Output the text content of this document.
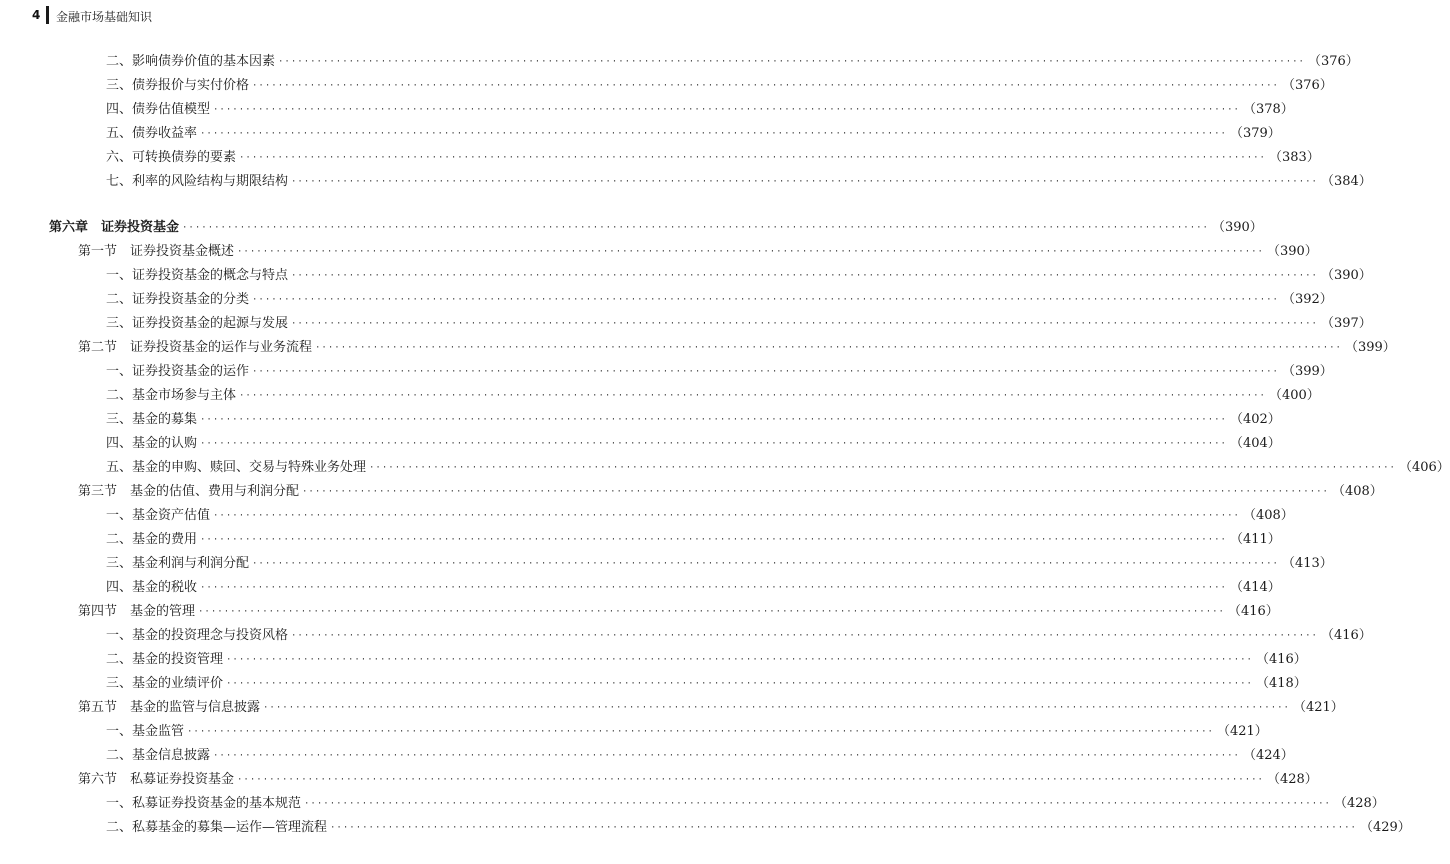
4 金融市场基础知识
二、影响债券价值的基本因素 ································································································································································ （376）
三、债券报价与实付价格 ································································································································································ （376）
四、债券估值模型 ································································································································································ （378）
五、债券收益率 ································································································································································ （379）
六、可转换债券的要素 ································································································································································ （383）
七、利率的风险结构与期限结构 ································································································································································ （384）
第六章　证券投资基金 ································································································································································ （390）
第一节　证券投资基金概述 ································································································································································ （390）
一、证券投资基金的概念与特点 ································································································································································ （390）
二、证券投资基金的分类 ································································································································································ （392）
三、证券投资基金的起源与发展 ································································································································································ （397）
第二节　证券投资基金的运作与业务流程 ································································································································································ （399）
一、证券投资基金的运作 ································································································································································ （399）
二、基金市场参与主体 ································································································································································ （400）
三、基金的募集 ································································································································································ （402）
四、基金的认购 ································································································································································ （404）
五、基金的申购、赎回、交易与特殊业务处理 ································································································································································ （406）
第三节　基金的估值、费用与利润分配 ································································································································································ （408）
一、基金资产估值 ································································································································································ （408）
二、基金的费用 ································································································································································ （411）
三、基金利润与利润分配 ································································································································································ （413）
四、基金的税收 ································································································································································ （414）
第四节　基金的管理 ································································································································································ （416）
一、基金的投资理念与投资风格 ································································································································································ （416）
二、基金的投资管理 ································································································································································ （416）
三、基金的业绩评价 ································································································································································ （418）
第五节　基金的监管与信息披露 ································································································································································ （421）
一、基金监管 ································································································································································ （421）
二、基金信息披露 ································································································································································ （424）
第六节　私募证券投资基金 ································································································································································ （428）
一、私募证券投资基金的基本规范 ································································································································································ （428）
二、私募基金的募集—运作—管理流程 ································································································································································ （429）
